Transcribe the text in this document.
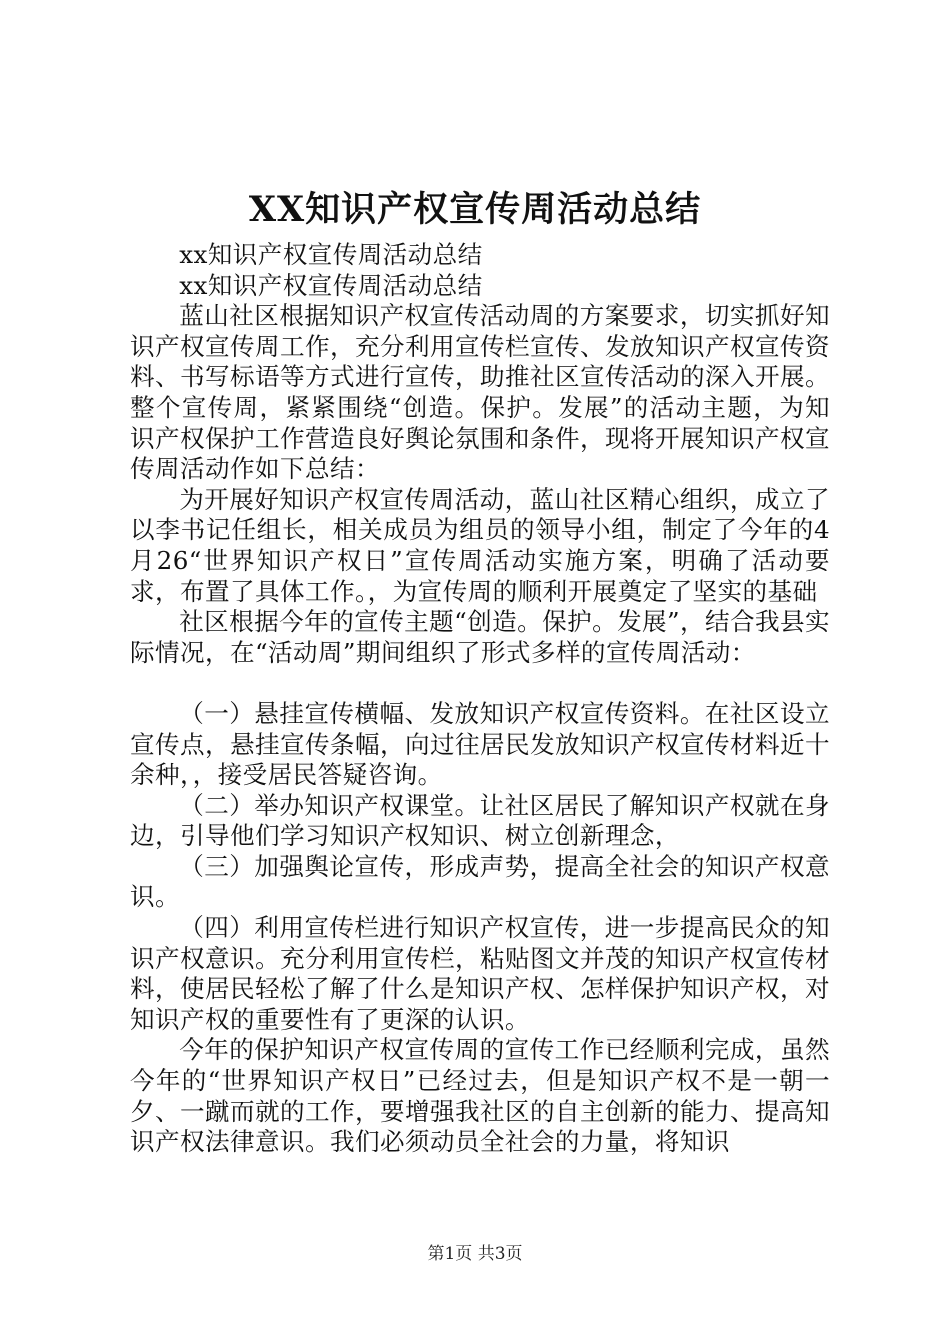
XX知识产权宣传周活动总结

xx知识产权宣传周活动总结

xx知识产权宣传周活动总结

蓝山社区根据知识产权宣传活动周的方案要求，切实抓好知识产权宣传周工作，充分利用宣传栏宣传、发放知识产权宣传资料、书写标语等方式进行宣传，助推社区宣传活动的深入开展。整个宣传周，紧紧围绕“创造。保护。发展”的活动主题，为知识产权保护工作营造良好舆论氛围和条件，现将开展知识产权宣传周活动作如下总结：

为开展好知识产权宣传周活动，蓝山社区精心组织，成立了以李书记任组长，相关成员为组员的领导小组，制定了今年的4月26“世界知识产权日”宣传周活动实施方案，明确了活动要求，布置了具体工作。，为宣传周的顺利开展奠定了坚实的基础

社区根据今年的宣传主题“创造。保护。发展”，结合我县实际情况，在“活动周”期间组织了形式多样的宣传周活动：

（一）悬挂宣传横幅、发放知识产权宣传资料。在社区设立宣传点，悬挂宣传条幅，向过往居民发放知识产权宣传材料近十余种，，接受居民答疑咨询。

（二）举办知识产权课堂。让社区居民了解知识产权就在身边，引导他们学习知识产权知识、树立创新理念，

（三）加强舆论宣传，形成声势，提高全社会的知识产权意识。

（四）利用宣传栏进行知识产权宣传，进一步提高民众的知识产权意识。充分利用宣传栏，粘贴图文并茂的知识产权宣传材料，使居民轻松了解了什么是知识产权、怎样保护知识产权，对知识产权的重要性有了更深的认识。

今年的保护知识产权宣传周的宣传工作已经顺利完成，虽然今年的“世界知识产权日”已经过去，但是知识产权不是一朝一夕、一蹴而就的工作，要增强我社区的自主创新的能力、提高知识产权法律意识。我们必须动员全社会的力量，将知识

第1页 共3页
